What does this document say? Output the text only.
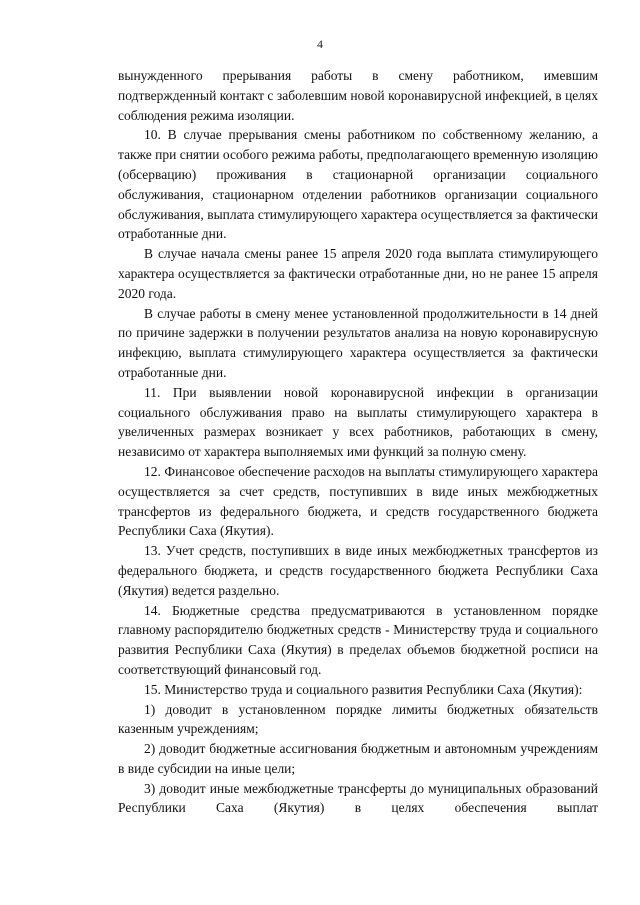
4

вынужденного прерывания работы в смену работником, имевшим подтвержденный контакт с заболевшим новой коронавирусной инфекцией, в целях соблюдения режима изоляции.

10. В случае прерывания смены работником по собственному желанию, а также при снятии особого режима работы, предполагающего временную изоляцию (обсервацию) проживания в стационарной организации социального обслуживания, стационарном отделении работников организации социального обслуживания, выплата стимулирующего характера осуществляется за фактически отработанные дни.

В случае начала смены ранее 15 апреля 2020 года выплата стимулирующего характера осуществляется за фактически отработанные дни, но не ранее 15 апреля 2020 года.

В случае работы в смену менее установленной продолжительности в 14 дней по причине задержки в получении результатов анализа на новую коронавирусную инфекцию, выплата стимулирующего характера осуществляется за фактически отработанные дни.

11. При выявлении новой коронавирусной инфекции в организации социального обслуживания право на выплаты стимулирующего характера в увеличенных размерах возникает у всех работников, работающих в смену, независимо от характера выполняемых ими функций за полную смену.

12. Финансовое обеспечение расходов на выплаты стимулирующего характера осуществляется за счет средств, поступивших в виде иных межбюджетных трансфертов из федерального бюджета, и средств государственного бюджета Республики Саха (Якутия).

13. Учет средств, поступивших в виде иных межбюджетных трансфертов из федерального бюджета, и средств государственного бюджета Республики Саха (Якутия) ведется раздельно.

14. Бюджетные средства предусматриваются в установленном порядке главному распорядителю бюджетных средств - Министерству труда и социального развития Республики Саха (Якутия) в пределах объемов бюджетной росписи на соответствующий финансовый год.

15. Министерство труда и социального развития Республики Саха (Якутия):

1) доводит в установленном порядке лимиты бюджетных обязательств казенным учреждениям;

2) доводит бюджетные ассигнования бюджетным и автономным учреждениям в виде субсидии на иные цели;

3) доводит иные межбюджетные трансферты до муниципальных образований Республики Саха (Якутия) в целях обеспечения выплат
